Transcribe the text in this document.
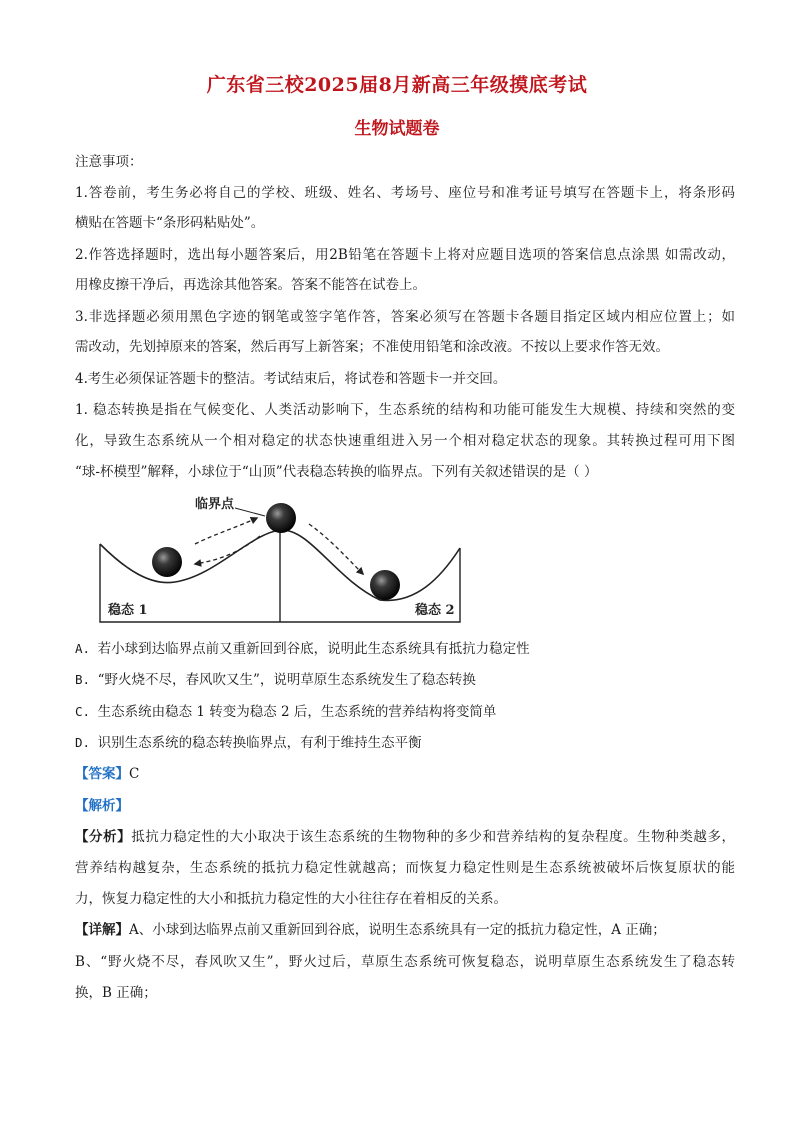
广东省三校2025届8月新高三年级摸底考试
生物试题卷
注意事项：
1.答卷前，考生务必将自己的学校、班级、姓名、考场号、座位号和准考证号填写在答题卡上，将条形码
横贴在答题卡“条形码粘贴处”。
2.作答选择题时，选出每小题答案后，用2B铅笔在答题卡上将对应题目选项的答案信息点涂黑 如需改动，
用橡皮擦干净后，再选涂其他答案。答案不能答在试卷上。
3.非选择题必须用黑色字迹的钢笔或签字笔作答，答案必须写在答题卡各题目指定区域内相应位置上；如
需改动，先划掉原来的答案，然后再写上新答案；不准使用铅笔和涂改液。不按以上要求作答无效。
4.考生必须保证答题卡的整洁。考试结束后，将试卷和答题卡一并交回。
1. 稳态转换是指在气候变化、人类活动影响下，生态系统的结构和功能可能发生大规模、持续和突然的变
化，导致生态系统从一个相对稳定的状态快速重组进入另一个相对稳定状态的现象。其转换过程可用下图
“球-杯模型”解释，小球位于“山顶”代表稳态转换的临界点。下列有关叙述错误的是（ ）
临界点
稳态 1	稳态 2
A. 若小球到达临界点前又重新回到谷底，说明此生态系统具有抵抗力稳定性
B. “野火烧不尽，春风吹又生”，说明草原生态系统发生了稳态转换
C. 生态系统由稳态 1 转变为稳态 2 后，生态系统的营养结构将变简单
D. 识别生态系统的稳态转换临界点，有利于维持生态平衡
【答案】C
【解析】
【分析】抵抗力稳定性的大小取决于该生态系统的生物物种的多少和营养结构的复杂程度。生物种类越多，
营养结构越复杂，生态系统的抵抗力稳定性就越高；而恢复力稳定性则是生态系统被破坏后恢复原状的能
力，恢复力稳定性的大小和抵抗力稳定性的大小往往存在着相反的关系。
【详解】A、小球到达临界点前又重新回到谷底，说明生态系统具有一定的抵抗力稳定性，A 正确；
B、“野火烧不尽，春风吹又生”，野火过后，草原生态系统可恢复稳态，说明草原生态系统发生了稳态转
换，B 正确；
